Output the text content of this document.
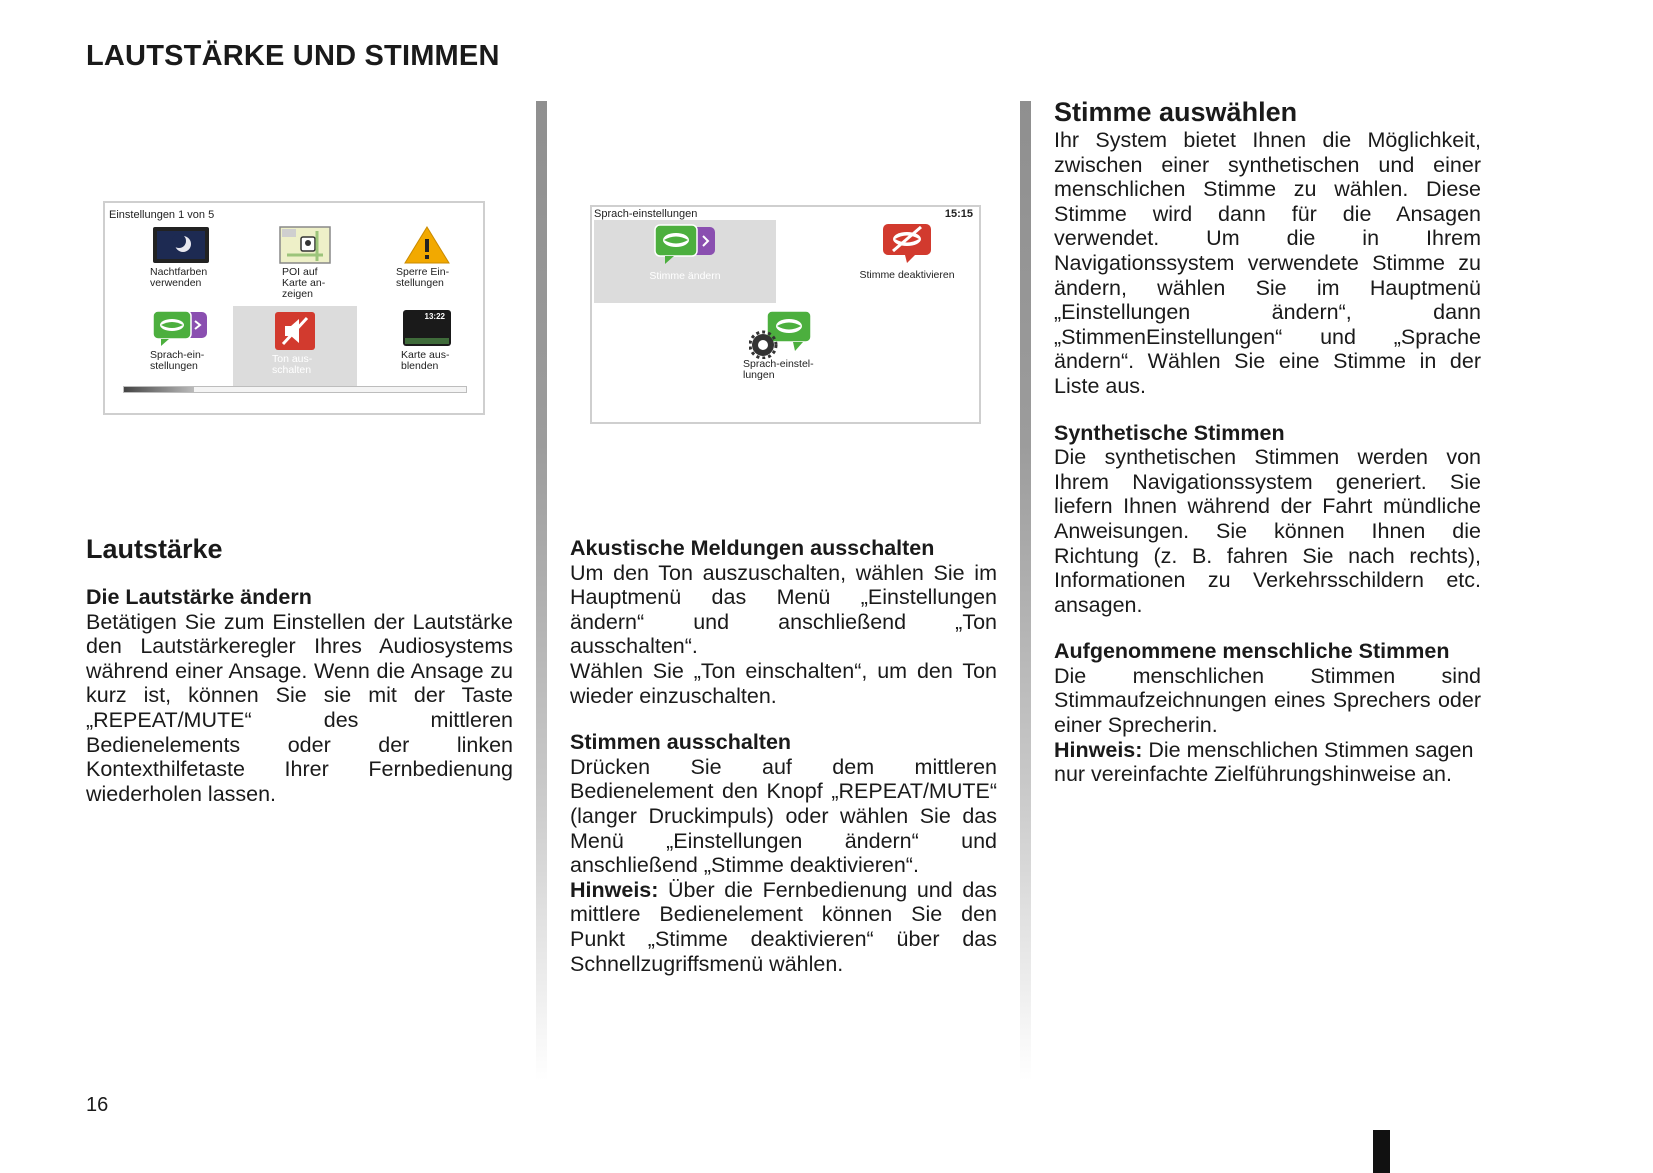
LAUTSTÄRKE UND STIMMEN
Einstellungen 1 von 5
Nachtfarben verwenden
POI auf Karte an- zeigen
Sperre Ein- stellungen
Sprach-ein- stellungen
Ton aus- schalten
13:22
Karte aus- blenden
Sprach-einstellungen	15:15
Stimme ändern	Stimme deaktivieren
Sprach-einstel- lungen
Lautstärke

Die Lautstärke ändern

Betätigen Sie zum Einstellen der Lautstärke den Lautstärkeregler Ihres Audiosystems während einer Ansage. Wenn die Ansage zu kurz ist, können Sie sie mit der Taste „REPEAT/MUTE“ des mittleren Bedienelements oder der linken Kontexthilfetaste Ihrer Fernbedienung wiederholen lassen.

Akustische Meldungen ausschalten

Um den Ton auszuschalten, wählen Sie im Hauptmenü das Menü „Einstellungen ändern“ und anschließend „Ton ausschalten“.

Wählen Sie „Ton einschalten“, um den Ton wieder einzuschalten.

Stimmen ausschalten

Drücken Sie auf dem mittleren Bedienelement den Knopf „REPEAT/MUTE“ (langer Druckimpuls) oder wählen Sie das Menü „Einstellungen ändern“ und anschließend „Stimme deaktivieren“.

Hinweis: Über die Fernbedienung und das mittlere Bedienelement können Sie den Punkt „Stimme deaktivieren“ über das Schnellzugriffsmenü wählen.

Stimme auswählen

Ihr System bietet Ihnen die Möglichkeit, zwischen einer synthetischen und einer menschlichen Stimme zu wählen. Diese Stimme wird dann für die Ansagen verwendet. Um die in Ihrem Navigationssystem verwendete Stimme zu ändern, wählen Sie im Hauptmenü „Einstellungen ändern“, dann „StimmenEinstellungen“ und „Sprache ändern“. Wählen Sie eine Stimme in der Liste aus.

Synthetische Stimmen

Die synthetischen Stimmen werden von Ihrem Navigationssystem generiert. Sie liefern Ihnen während der Fahrt mündliche Anweisungen. Sie können Ihnen die Richtung (z. B. fahren Sie nach rechts), Informationen zu Verkehrsschildern etc. ansagen.

Aufgenommene menschliche Stimmen

Die menschlichen Stimmen sind Stimmaufzeichnungen eines Sprechers oder einer Sprecherin.

Hinweis: Die menschlichen Stimmen sagen nur vereinfachte Zielführungshinweise an.

16
